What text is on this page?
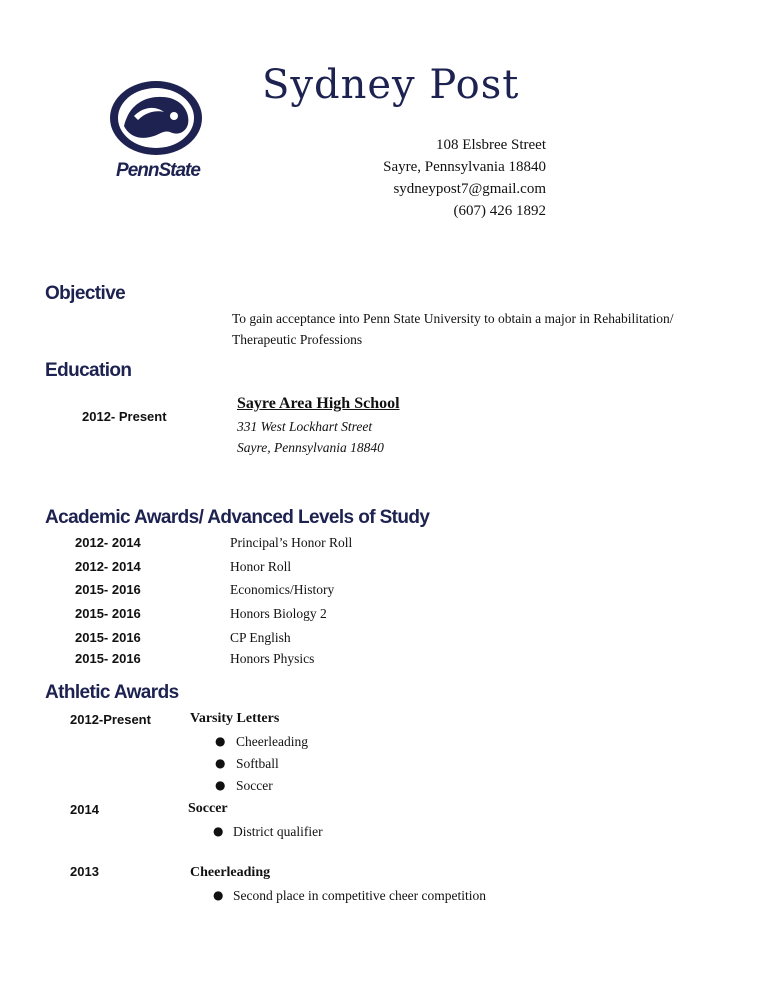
PennState
Sydney Post
108 Elsbree Street
Sayre, Pennsylvania 18840
sydneypost7@gmail.com
(607) 426 1892
Objective
To gain acceptance into Penn State University to obtain a major in Rehabilitation/
Therapeutic Professions
Education
2012- Present
Sayre Area High School
331 West Lockhart Street
Sayre, Pennsylvania 18840
Academic Awards/ Advanced Levels of Study
2012- 2014	Principal’s Honor Roll
2012- 2014	Honor Roll
2015- 2016	Economics/History
2015- 2016	Honors Biology 2
2015- 2016	CP English
2015- 2016	Honors Physics
Athletic Awards
2012-Present	Varsity Letters
● Cheerleading
● Softball
● Soccer
2014	Soccer
● District qualifier
2013	Cheerleading
● Second place in competitive cheer competition
